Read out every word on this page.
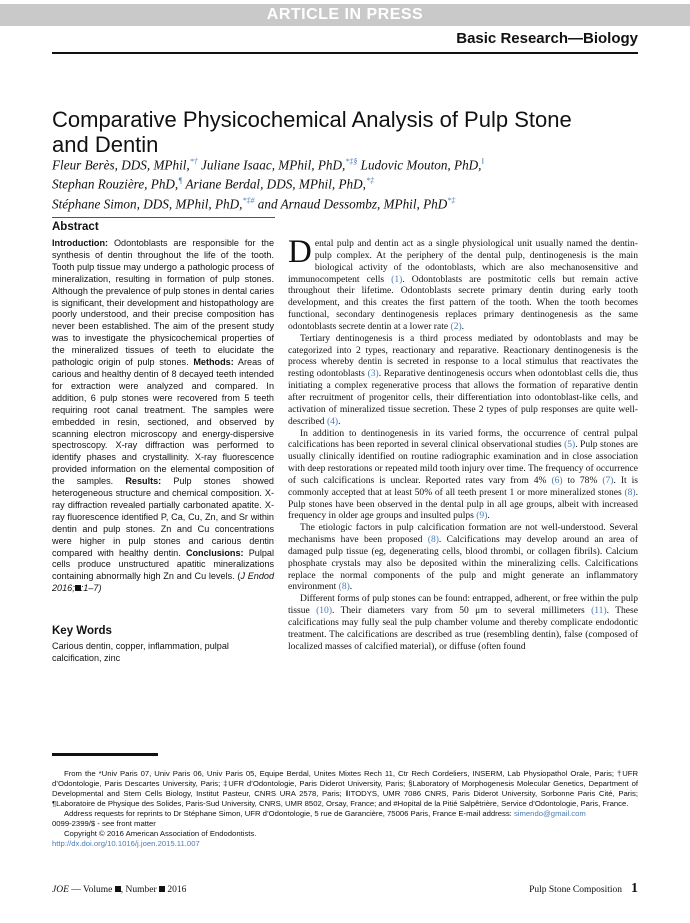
ARTICLE IN PRESS
Basic Research—Biology
Comparative Physicochemical Analysis of Pulp Stone and Dentin
Fleur Berès, DDS, MPhil,*† Juliane Isaac, MPhil, PhD,*‡§ Ludovic Mouton, PhD,‖
Stephan Rouzière, PhD,¶ Ariane Berdal, DDS, MPhil, PhD,*‡
Stéphane Simon, DDS, MPhil, PhD,*‡# and Arnaud Dessombz, MPhil, PhD*‡
Abstract
Introduction: Odontoblasts are responsible for the synthesis of dentin throughout the life of the tooth. Tooth pulp tissue may undergo a pathologic process of mineralization, resulting in formation of pulp stones. Although the prevalence of pulp stones in dental caries is significant, their development and histopathology are poorly understood, and their precise composition has never been established. The aim of the present study was to investigate the physicochemical properties of the mineralized tissues of teeth to elucidate the pathologic origin of pulp stones. Methods: Areas of carious and healthy dentin of 8 decayed teeth intended for extraction were analyzed and compared. In addition, 6 pulp stones were recovered from 5 teeth requiring root canal treatment. The samples were embedded in resin, sectioned, and observed by scanning electron microscopy and energy-dispersive spectroscopy. X-ray diffraction was performed to identify phases and crystallinity. X-ray fluorescence provided information on the elemental composition of the samples. Results: Pulp stones showed heterogeneous structure and chemical composition. X-ray diffraction revealed partially carbonated apatite. X-ray fluorescence identified P, Ca, Cu, Zn, and Sr within dentin and pulp stones. Zn and Cu concentrations were higher in pulp stones and carious dentin compared with healthy dentin. Conclusions: Pulpal cells produce unstructured apatitic mineralizations containing abnormally high Zn and Cu levels. (J Endod 2016; :1–7)
Key Words
Carious dentin, copper, inflammation, pulpal calcification, zinc

Dental pulp and dentin act as a single physiological unit usually named the dentin-pulp complex. At the periphery of the dental pulp, dentinogenesis is the main biological activity of the odontoblasts, which are also mechanosensitive and immunocompetent cells (1). Odontoblasts are postmitotic cells but remain active throughout their lifetime. Odontoblasts secrete primary dentin during early tooth development, and this creates the first pattern of the tooth. When the tooth becomes functional, secondary dentinogenesis replaces primary dentinogenesis as the same odontoblasts secrete dentin at a lower rate (2).

Tertiary dentinogenesis is a third process mediated by odontoblasts and may be categorized into 2 types, reactionary and reparative. Reactionary dentinogenesis is the process whereby dentin is secreted in response to a local stimulus that reactivates the resting odontoblasts (3). Reparative dentinogenesis occurs when odontoblast cells die, thus initiating a complex regenerative process that allows the formation of reparative dentin after recruitment of progenitor cells, their differentiation into odontoblast-like cells, and activation of mineralized tissue secretion. These 2 types of pulp responses are quite well-described (4).

In addition to dentinogenesis in its varied forms, the occurrence of central pulpal calcifications has been reported in several clinical observational studies (5). Pulp stones are usually clinically identified on routine radiographic examination and in close association with deep restorations or repeated mild tooth injury over time. The frequency of occurrence of such calcifications is unclear. Reported rates vary from 4% (6) to 78% (7). It is commonly accepted that at least 50% of all teeth present 1 or more mineralized stones (8). Pulp stones have been observed in the dental pulp in all age groups, albeit with increased frequency in older age groups and insulted pulps (9).

The etiologic factors in pulp calcification formation are not well-understood. Several mechanisms have been proposed (8). Calcifications may develop around an area of damaged pulp tissue (eg, degenerating cells, blood thrombi, or collagen fibrils). Calcium phosphate crystals may also be deposited within the mineralizing cells. Calcifications replace the normal components of the pulp and might generate an inflammatory environment (8).

Different forms of pulp stones can be found: entrapped, adherent, or free within the pulp tissue (10). Their diameters vary from 50 μm to several millimeters (11). These calcifications may fully seal the pulp chamber volume and thereby complicate endodontic treatment. The calcifications are described as true (resembling dentin), false (composed of localized masses of calcified material), or diffuse (often found

From the *Univ Paris 07, Univ Paris 06, Univ Paris 05, Equipe Berdal, Unites Mixtes Rech 11, Ctr Rech Cordeliers, INSERM, Lab Physiopathol Orale, Paris; †UFR d’Odontologie, Paris Descartes University, Paris; ‡UFR d’Odontologie, Paris Diderot University, Paris; §Laboratory of Morphogenesis Molecular Genetics, Department of Developmental and Stem Cells Biology, Institut Pasteur, CNRS URA 2578, Paris; ‖ITODYS, UMR 7086 CNRS, Paris Diderot University, Sorbonne Paris Cité, Paris; ¶Laboratoire de Physique des Solides, Paris-Sud University, CNRS, UMR 8502, Orsay, France; and #Hopital de la Pitié Salpêtrière, Service d’Odontologie, Paris, France.

Address requests for reprints to Dr Stéphane Simon, UFR d’Odontologie, 5 rue de Garancière, 75006 Paris, France E-mail address: simendo@gmail.com

0099-2399/$ - see front matter

Copyright © 2016 American Association of Endodontists.

http://dx.doi.org/10.1016/j.joen.2015.11.007

JOE — Volume , Number  2016	Pulp Stone Composition 1
